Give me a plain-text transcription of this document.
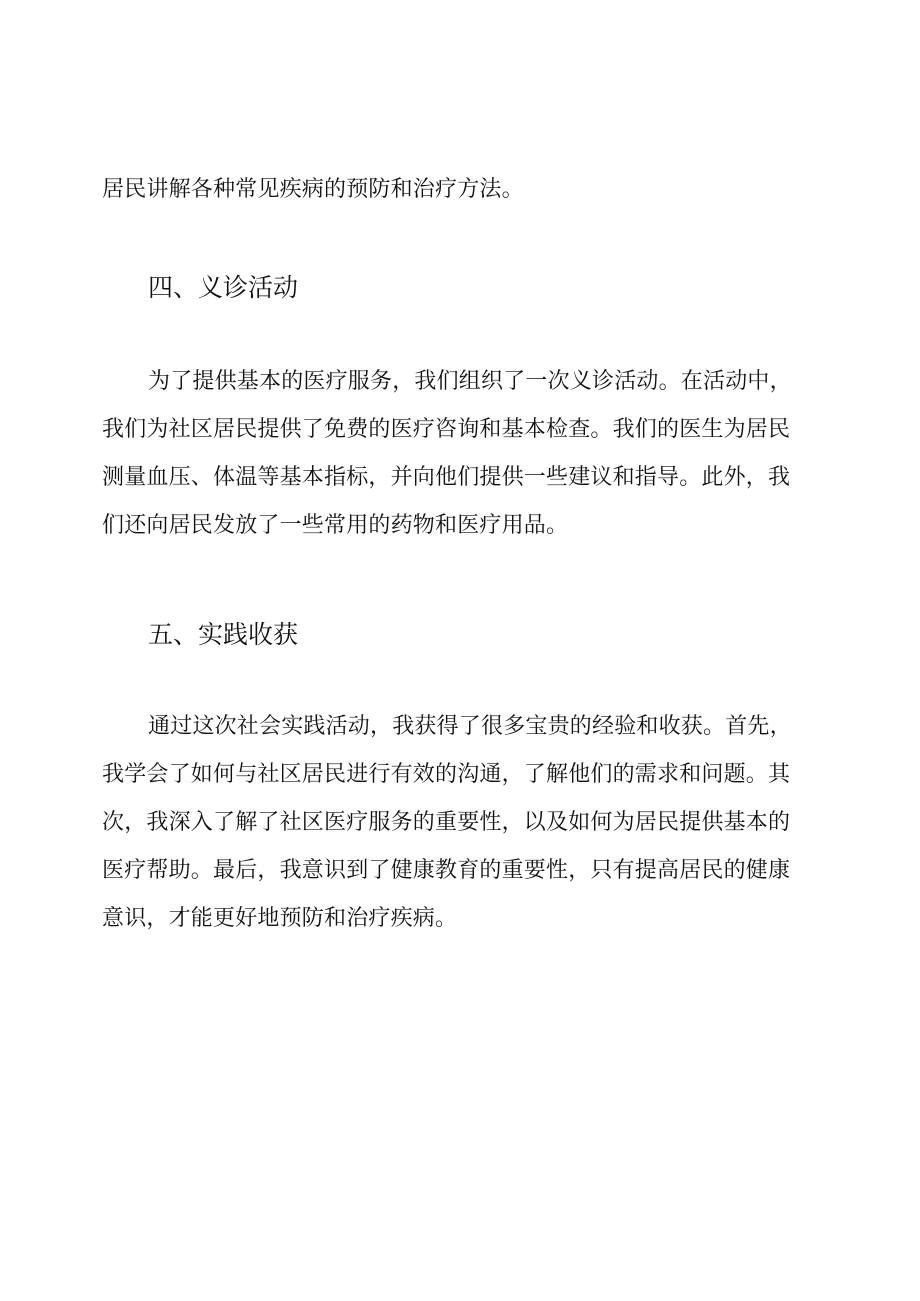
居民讲解各种常见疾病的预防和治疗方法。
四、义诊活动
为了提供基本的医疗服务，我们组织了一次义诊活动。在活动中，
我们为社区居民提供了免费的医疗咨询和基本检查。我们的医生为居民
测量血压、体温等基本指标，并向他们提供一些建议和指导。此外，我
们还向居民发放了一些常用的药物和医疗用品。
五、实践收获
通过这次社会实践活动，我获得了很多宝贵的经验和收获。首先，
我学会了如何与社区居民进行有效的沟通，了解他们的需求和问题。其
次，我深入了解了社区医疗服务的重要性，以及如何为居民提供基本的
医疗帮助。最后，我意识到了健康教育的重要性，只有提高居民的健康
意识，才能更好地预防和治疗疾病。
